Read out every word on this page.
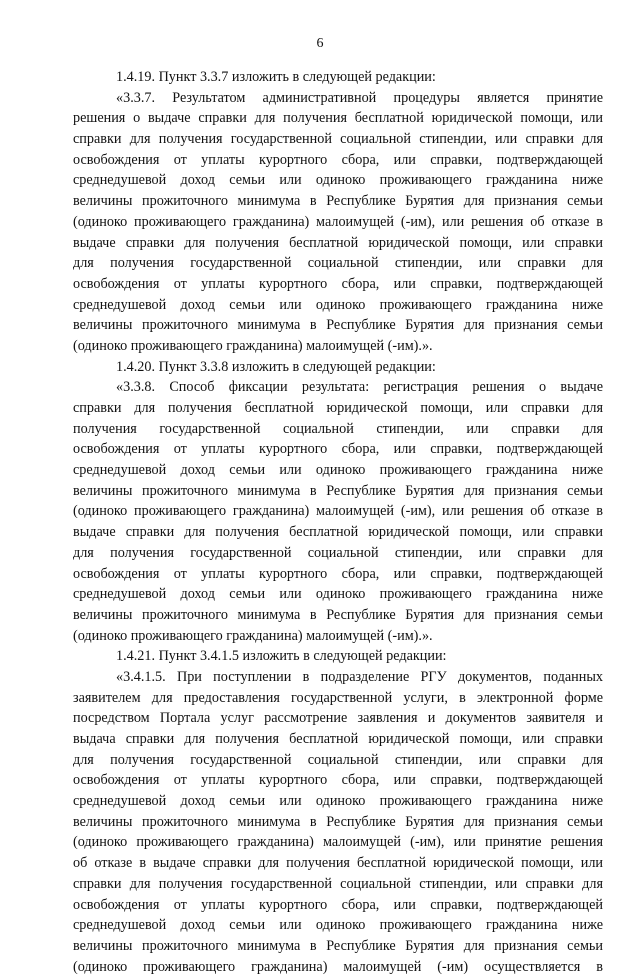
6
1.4.19. Пункт 3.3.7 изложить в следующей редакции:
«3.3.7. Результатом административной процедуры является принятие
решения о выдаче справки для получения бесплатной юридической помощи, или
справки для получения государственной социальной стипендии, или справки для
освобождения от уплаты курортного сбора, или справки, подтверждающей
среднедушевой доход семьи или одиноко проживающего гражданина ниже
величины прожиточного минимума в Республике Бурятия для признания семьи
(одиноко проживающего гражданина) малоимущей (-им), или решения об отказе в
выдаче справки для получения бесплатной юридической помощи, или справки
для получения государственной социальной стипендии, или справки для
освобождения от уплаты курортного сбора, или справки, подтверждающей
среднедушевой доход семьи или одиноко проживающего гражданина ниже
величины прожиточного минимума в Республике Бурятия для признания семьи
(одиноко проживающего гражданина) малоимущей (-им).».
1.4.20. Пункт 3.3.8 изложить в следующей редакции:
«3.3.8. Способ фиксации результата: регистрация решения о выдаче
справки для получения бесплатной юридической помощи, или справки для
получения государственной социальной стипендии, или справки для
освобождения от уплаты курортного сбора, или справки, подтверждающей
среднедушевой доход семьи или одиноко проживающего гражданина ниже
величины прожиточного минимума в Республике Бурятия для признания семьи
(одиноко проживающего гражданина) малоимущей (-им), или решения об отказе в
выдаче справки для получения бесплатной юридической помощи, или справки
для получения государственной социальной стипендии, или справки для
освобождения от уплаты курортного сбора, или справки, подтверждающей
среднедушевой доход семьи или одиноко проживающего гражданина ниже
величины прожиточного минимума в Республике Бурятия для признания семьи
(одиноко проживающего гражданина) малоимущей (-им).».
1.4.21. Пункт 3.4.1.5 изложить в следующей редакции:
«3.4.1.5. При поступлении в подразделение РГУ документов, поданных
заявителем для предоставления государственной услуги, в электронной форме
посредством Портала услуг рассмотрение заявления и документов заявителя и
выдача справки для получения бесплатной юридической помощи, или справки
для получения государственной социальной стипендии, или справки для
освобождения от уплаты курортного сбора, или справки, подтверждающей
среднедушевой доход семьи или одиноко проживающего гражданина ниже
величины прожиточного минимума в Республике Бурятия для признания семьи
(одиноко проживающего гражданина) малоимущей (-им), или принятие решения
об отказе в выдаче справки для получения бесплатной юридической помощи, или
справки для получения государственной социальной стипендии, или справки для
освобождения от уплаты курортного сбора, или справки, подтверждающей
среднедушевой доход семьи или одиноко проживающего гражданина ниже
величины прожиточного минимума в Республике Бурятия для признания семьи
(одиноко проживающего гражданина) малоимущей (-им) осуществляется в
